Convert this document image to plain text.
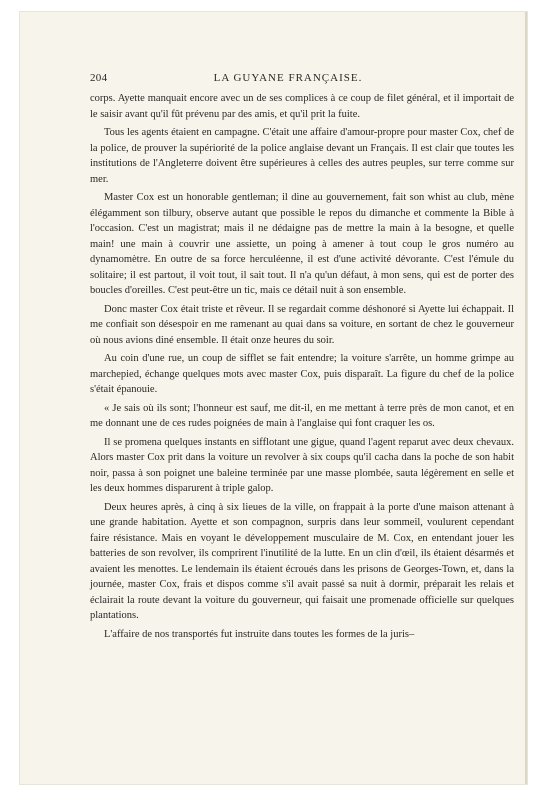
204	LA GUYANE FRANÇAISE.

corps. Ayette manquait encore avec un de ses complices à ce coup de filet général, et il importait de le saisir avant qu'il fût prévenu par des amis, et qu'il prit la fuite.

Tous les agents étaient en campagne. C'était une affaire d'amour-propre pour master Cox, chef de la police, de prouver la supériorité de la police anglaise devant un Français. Il est clair que toutes les institutions de l'Angleterre doivent être supérieures à celles des autres peuples, sur terre comme sur mer.

Master Cox est un honorable gentleman; il dine au gouvernement, fait son whist au club, mène élégamment son tilbury, observe autant que possible le repos du dimanche et commente la Bible à l'occasion. C'est un magistrat; mais il ne dédaigne pas de mettre la main à la besogne, et quelle main! une main à couvrir une assiette, un poing à amener à tout coup le gros numéro au dynamomètre. En outre de sa force herculéenne, il est d'une activité dévorante. C'est l'émule du solitaire; il est partout, il voit tout, il sait tout. Il n'a qu'un défaut, à mon sens, qui est de porter des boucles d'oreilles. C'est peut-être un tic, mais ce détail nuit à son ensemble.

Donc master Cox était triste et rêveur. Il se regardait comme déshonoré si Ayette lui échappait. Il me confiait son désespoir en me ramenant au quai dans sa voiture, en sortant de chez le gouverneur où nous avions diné ensemble. Il était onze heures du soir.

Au coin d'une rue, un coup de sifflet se fait entendre; la voiture s'arrête, un homme grimpe au marchepied, échange quelques mots avec master Cox, puis disparaît. La figure du chef de la police s'était épanouie.

« Je sais où ils sont; l'honneur est sauf, me dit-il, en me mettant à terre près de mon canot, et en me donnant une de ces rudes poignées de main à l'anglaise qui font craquer les os.

Il se promena quelques instants en sifflotant une gigue, quand l'agent reparut avec deux chevaux. Alors master Cox prit dans la voiture un revolver à six coups qu'il cacha dans la poche de son habit noir, passa à son poignet une baleine terminée par une masse plombée, sauta légèrement en selle et les deux hommes disparurent à triple galop.

Deux heures après, à cinq à six lieues de la ville, on frappait à la porte d'une maison attenant à une grande habitation. Ayette et son compagnon, surpris dans leur sommeil, voulurent cependant faire résistance. Mais en voyant le développement musculaire de M. Cox, en entendant jouer les batteries de son revolver, ils comprirent l'inutilité de la lutte. En un clin d'œil, ils étaient désarmés et avaient les menottes. Le lendemain ils étaient écroués dans les prisons de Georges-Town, et, dans la journée, master Cox, frais et dispos comme s'il avait passé sa nuit à dormir, préparait les relais et éclairait la route devant la voiture du gouverneur, qui faisait une promenade officielle sur quelques plantations.

L'affaire de nos transportés fut instruite dans toutes les formes de la juris–
